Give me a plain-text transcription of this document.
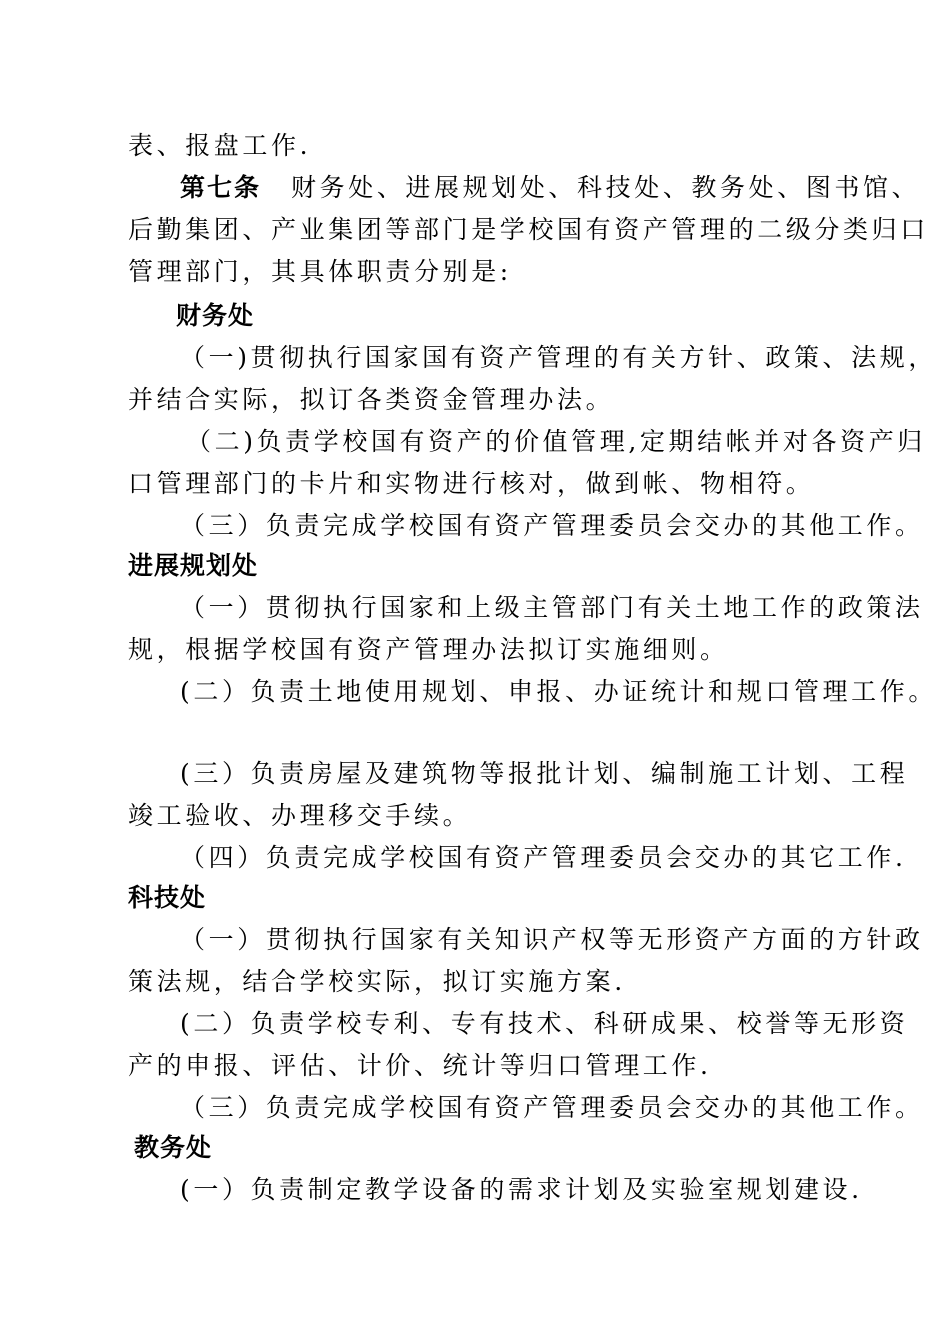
表、报盘工作.
第七条 财务处、进展规划处、科技处、教务处、图书馆、
后勤集团、产业集团等部门是学校国有资产管理的二级分类归口
管理部门，其具体职责分别是:
财务处
（一)贯彻执行国家国有资产管理的有关方针、政策、法规，
并结合实际，拟订各类资金管理办法。
（二)负责学校国有资产的价值管理,定期结帐并对各资产归
口管理部门的卡片和实物进行核对，做到帐、物相符。
（三）负责完成学校国有资产管理委员会交办的其他工作。
进展规划处
（一）贯彻执行国家和上级主管部门有关土地工作的政策法
规，根据学校国有资产管理办法拟订实施细则。
(二）负责土地使用规划、申报、办证统计和规口管理工作。
(三）负责房屋及建筑物等报批计划、编制施工计划、工程
竣工验收、办理移交手续。
（四）负责完成学校国有资产管理委员会交办的其它工作.
科技处
（一）贯彻执行国家有关知识产权等无形资产方面的方针政
策法规，结合学校实际，拟订实施方案.
(二）负责学校专利、专有技术、科研成果、校誉等无形资
产的申报、评估、计价、统计等归口管理工作.
（三）负责完成学校国有资产管理委员会交办的其他工作。
教务处
(一）负责制定教学设备的需求计划及实验室规划建设.
